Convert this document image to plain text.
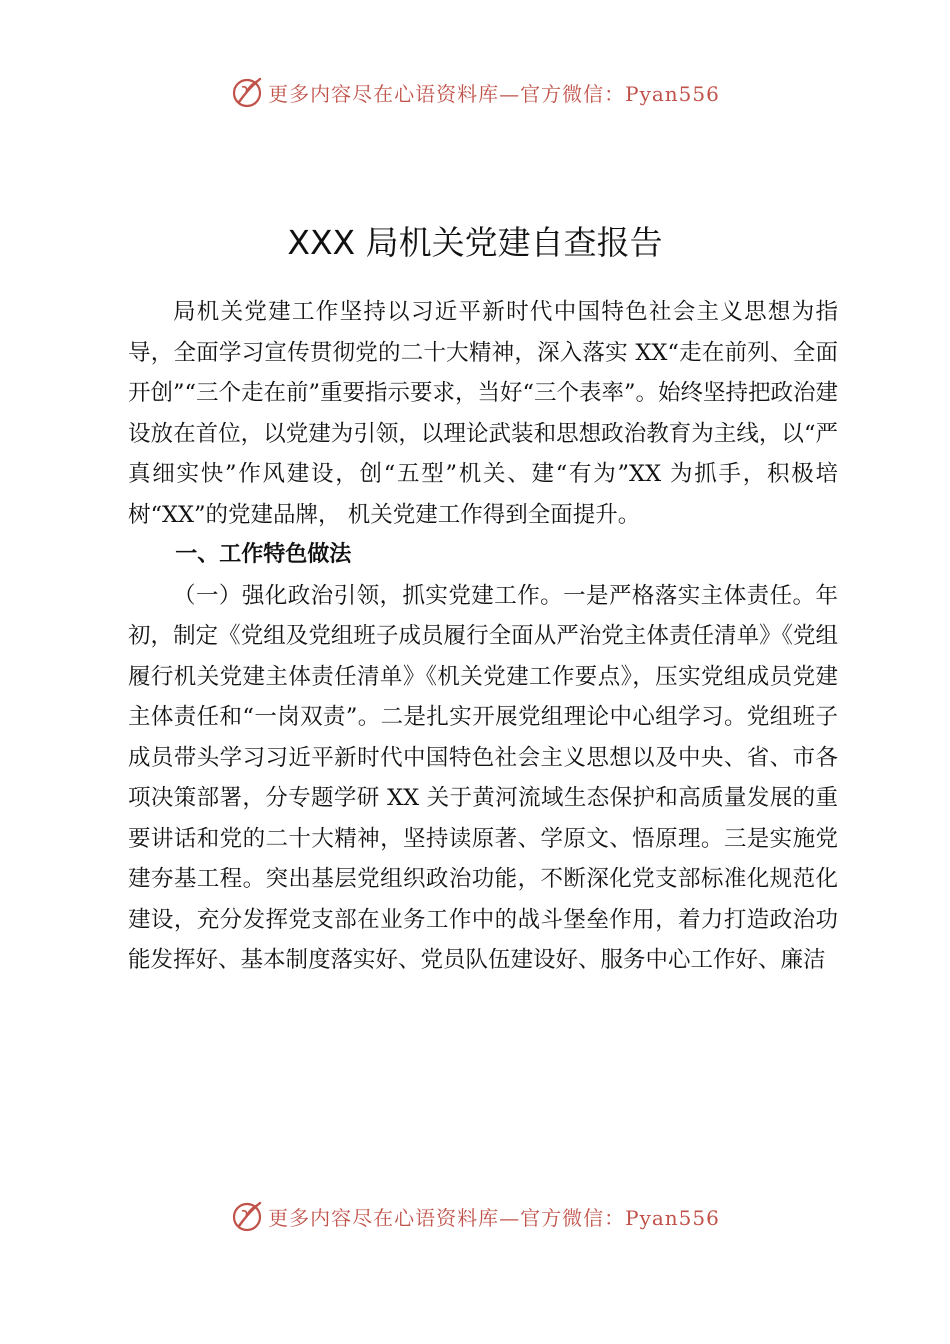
更多内容尽在心语资料库—官方微信：Pyan556
XXX 局机关党建自查报告

局机关党建工作坚持以习近平新时代中国特色社会主义思想为指导，全面学习宣传贯彻党的二十大精神，深入落实 XX“走在前列、全面开创”“三个走在前”重要指示要求，当好“三个表率”。始终坚持把政治建设放在首位，以党建为引领，以理论武装和思想政治教育为主线，以“严真细实快”作风建设，创“五型”机关、建“有为”XX 为抓手，积极培树“XX”的党建品牌， 机关党建工作得到全面提升。

一、工作特色做法

（一）强化政治引领，抓实党建工作。一是严格落实主体责任。年初，制定《党组及党组班子成员履行全面从严治党主体责任清单》《党组履行机关党建主体责任清单》《机关党建工作要点》，压实党组成员党建主体责任和“一岗双责”。二是扎实开展党组理论中心组学习。党组班子成员带头学习习近平新时代中国特色社会主义思想以及中央、省、市各项决策部署，分专题学研 XX 关于黄河流域生态保护和高质量发展的重要讲话和党的二十大精神，坚持读原著、学原文、悟原理。三是实施党建夯基工程。突出基层党组织政治功能，不断深化党支部标准化规范化建设，充分发挥党支部在业务工作中的战斗堡垒作用，着力打造政治功能发挥好、基本制度落实好、党员队伍建设好、服务中心工作好、廉洁

更多内容尽在心语资料库—官方微信：Pyan556
